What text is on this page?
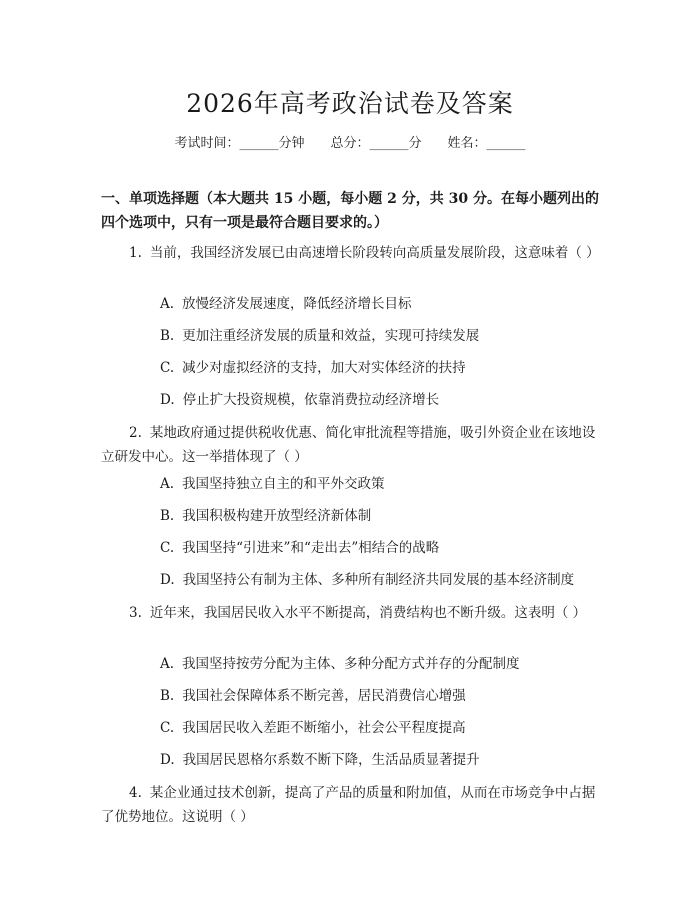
2026年高考政治试卷及答案
考试时间：______分钟　　总分：______分　　姓名：______
一、单项选择题（本大题共 15 小题，每小题 2 分，共 30 分。在每小题列出的四个选项中，只有一项是最符合题目要求的。）
1. 当前，我国经济发展已由高速增长阶段转向高质量发展阶段，这意味着（ ）
A. 放慢经济发展速度，降低经济增长目标
B. 更加注重经济发展的质量和效益，实现可持续发展
C. 减少对虚拟经济的支持，加大对实体经济的扶持
D. 停止扩大投资规模，依靠消费拉动经济增长
2. 某地政府通过提供税收优惠、简化审批流程等措施，吸引外资企业在该地设立研发中心。这一举措体现了（ ）
A. 我国坚持独立自主的和平外交政策
B. 我国积极构建开放型经济新体制
C. 我国坚持“引进来”和“走出去”相结合的战略
D. 我国坚持公有制为主体、多种所有制经济共同发展的基本经济制度
3. 近年来，我国居民收入水平不断提高，消费结构也不断升级。这表明（ ）
A. 我国坚持按劳分配为主体、多种分配方式并存的分配制度
B. 我国社会保障体系不断完善，居民消费信心增强
C. 我国居民收入差距不断缩小，社会公平程度提高
D. 我国居民恩格尔系数不断下降，生活品质显著提升
4. 某企业通过技术创新，提高了产品的质量和附加值，从而在市场竞争中占据了优势地位。这说明（ ）
